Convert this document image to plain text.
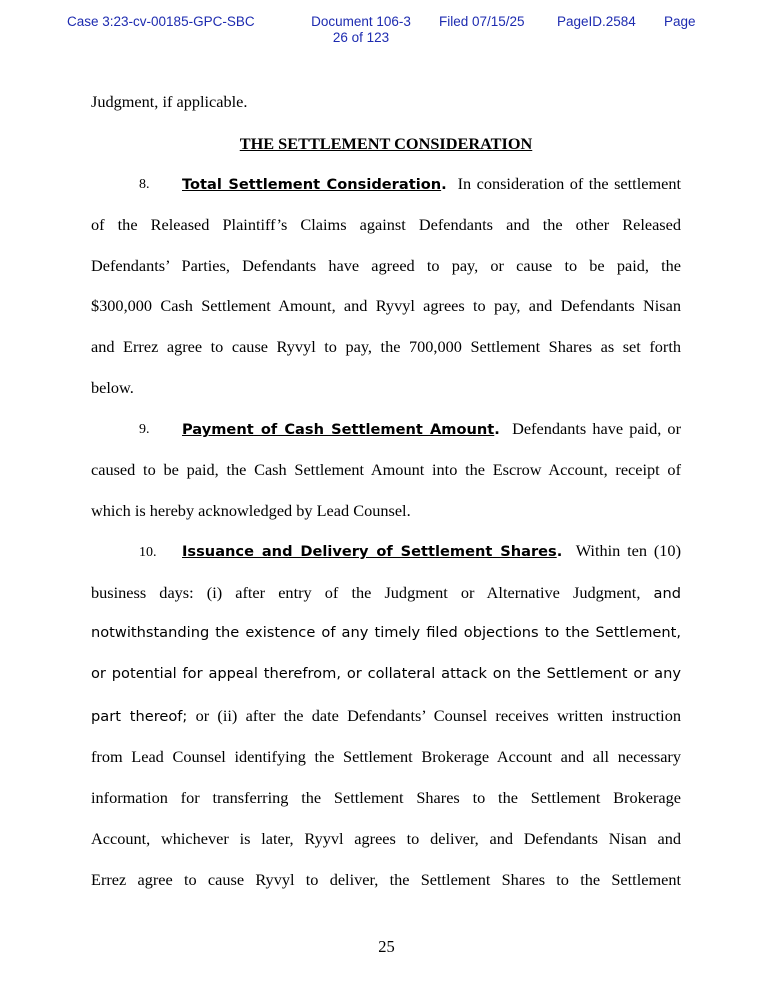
Case 3:23-cv-00185-GPC-SBC	Document 106-3
26 of 123
Filed 07/15/25 PageID.2584 Page
Judgment, if applicable.
THE SETTLEMENT CONSIDERATION
8. Total Settlement Consideration. In consideration of the settlement
of the Released Plaintiff’s Claims against Defendants and the other Released
Defendants’ Parties, Defendants have agreed to pay, or cause to be paid, the
$300,000 Cash Settlement Amount, and Ryvyl agrees to pay, and Defendants Nisan
and Errez agree to cause Ryvyl to pay, the 700,000 Settlement Shares as set forth
below.
9. Payment of Cash Settlement Amount. Defendants have paid, or
caused to be paid, the Cash Settlement Amount into the Escrow Account, receipt of
which is hereby acknowledged by Lead Counsel.
10. Issuance and Delivery of Settlement Shares. Within ten (10)
business days: (i) after entry of the Judgment or Alternative Judgment, and
notwithstanding the existence of any timely filed objections to the Settlement,
or potential for appeal therefrom, or collateral attack on the Settlement or any
part thereof; or (ii) after the date Defendants’ Counsel receives written instruction
from Lead Counsel identifying the Settlement Brokerage Account and all necessary
information for transferring the Settlement Shares to the Settlement Brokerage
Account, whichever is later, Ryyvl agrees to deliver, and Defendants Nisan and
Errez agree to cause Ryvyl to deliver, the Settlement Shares to the Settlement
25
